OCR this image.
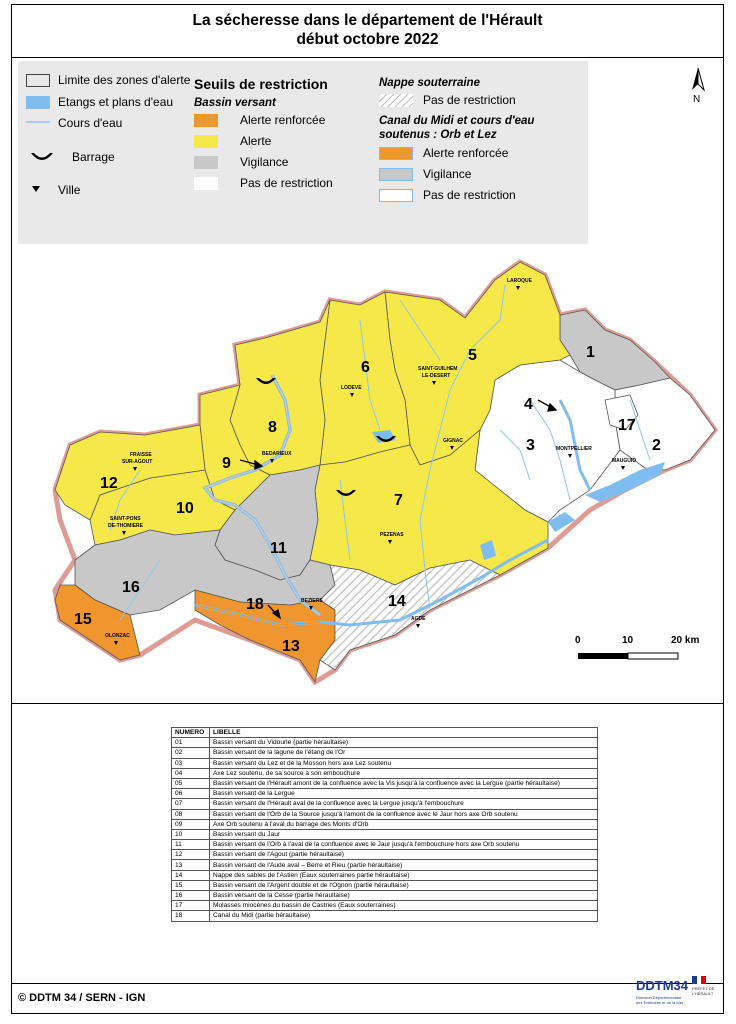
La sécheresse dans le département de l'Hérault
début octobre 2022
Limite des zones d'alerte
Etangs et plans d'eau
Cours d'eau
Barrage
Ville
Seuils de restriction
Bassin versant
Alerte renforcée
Alerte
Vigilance
Pas de restriction
Nappe souterraine
Pas de restriction
Canal du Midi et cours d'eau
soutenus : Orb et Lez
Alerte renforcée
Vigilance
Pas de restriction
N
1
2
3
4
5
6
7
8
9
10
11
12
13
14
15
16
17
18
LAROQUE
SAINT-GUILHEM
LE-DESERT
LODEVE
GIGNAC
MONTPELLIER
MAUGUIO
FRAISSE
SUR-AGOUT
BEDARIEUX
SAINT-PONS
DE-THOMIERE
PEZENAS
BEZIERS
AGDE
OLONZAC	0	10	20 km
NUMERO	LIBELLE
01	Bassin versant du Vidourle (partie héraultaise)
02	Bassin versant de la lagune de l'étang de l'Or
03	Bassin versant du Lez et de la Mosson hors axe Lez soutenu
04	Axe Lez soutenu, de sa source à son embouchure
05	Bassin versant de l'Hérault amont de la confluence avec la Vis jusqu'à la confluence avec la Lergue (partie héraultaise)
06	Bassin versant de la Lergue
07	Bassin versant de l'Hérault aval de la confluence avec la Lergue jusqu'à l'embouchure
08	Bassin versant de l'Orb de la Source jusqu'à l'amont de la confluence avec le Jaur hors axe Orb soutenu
09	Axe Orb soutenu à l'aval du barrage des Monts d'Orb
10	Bassin versant du Jaur
11	Bassin versant de l'Orb à l'aval de la confluence avec le Jaur jusqu'à l'embouchure hors axe Orb soutenu
12	Bassin versant de l'Agout (partie héraultaise)
13	Bassin versant de l'Aude aval – Berre et Rieu (partie héraultaise)
14	Nappe des sables de l'Astien (Eaux souterraines partie héraultaise)
15	Bassin versant de l'Argent double et de l'Ognon (partie héraultaise)
16	Bassin versant de la Cesse (partie héraultaise)
17	Molasses miocènes du bassin de Castries (Eaux souterraines)
18	Canal du Midi (partie héraultaise)
© DDTM 34 / SERN - IGN
DDTM34
Direction Départementale des Territoires et de la Mer
PRÉFET DE L'HÉRAULT
